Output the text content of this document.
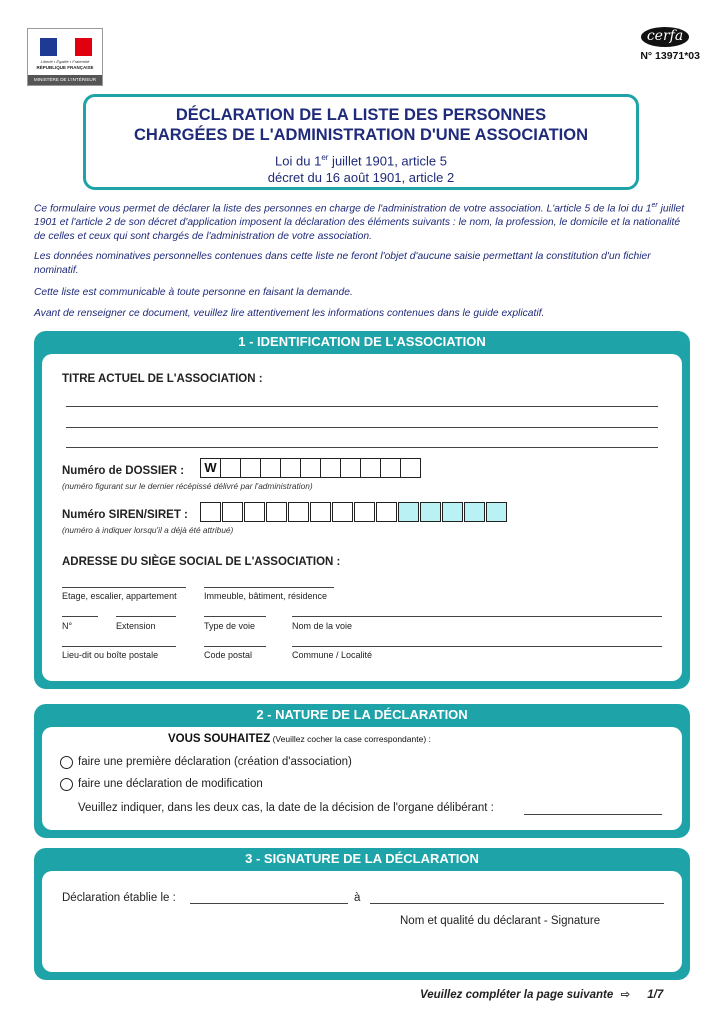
Liberté • Égalité • Fraternité
RÉPUBLIQUE FRANÇAISE
MINISTÈRE DE L'INTÉRIEUR
cerfa
N° 13971*03
DÉCLARATION DE LA LISTE DES PERSONNES
CHARGÉES DE L'ADMINISTRATION D'UNE ASSOCIATION
Loi du 1er juillet 1901, article 5
décret du 16 août 1901, article 2
Ce formulaire vous permet de déclarer la liste des personnes en charge de l'administration de votre association. L'article 5 de la loi du 1er juillet 1901 et l'article 2 de son décret d'application imposent la déclaration des éléments suivants : le nom, la profession, le domicile et la nationalité de celles et ceux qui sont chargés de l'administration de votre association.
Les données nominatives personnelles contenues dans cette liste ne feront l'objet d'aucune saisie permettant la constitution d'un fichier nominatif.
Cette liste est communicable à toute personne en faisant la demande.
Avant de renseigner ce document, veuillez lire attentivement les informations contenues dans le guide explicatif.
1 - IDENTIFICATION DE L'ASSOCIATION
TITRE ACTUEL DE L'ASSOCIATION :
Numéro de DOSSIER :	W
(numéro figurant sur le dernier récépissé délivré par l'administration)
Numéro SIREN/SIRET :
(numéro à indiquer lorsqu'il a déjà été attribué)
ADRESSE DU SIÈGE SOCIAL DE L'ASSOCIATION :
Etage, escalier, appartement	Immeuble, bâtiment, résidence
N°	Extension	Type de voie	Nom de la voie
Lieu-dit ou boîte postale	Code postal	Commune / Localité
2 - NATURE DE LA DÉCLARATION
VOUS SOUHAITEZ (Veuillez cocher la case correspondante) :
faire une première déclaration (création d'association)
faire une déclaration de modification
Veuillez indiquer, dans les deux cas, la date de la décision de l'organe délibérant :
3 - SIGNATURE DE LA DÉCLARATION
Déclaration établie le :	à
Nom et qualité du déclarant - Signature
Veuillez compléter la page suivante ⇨ 1/7
